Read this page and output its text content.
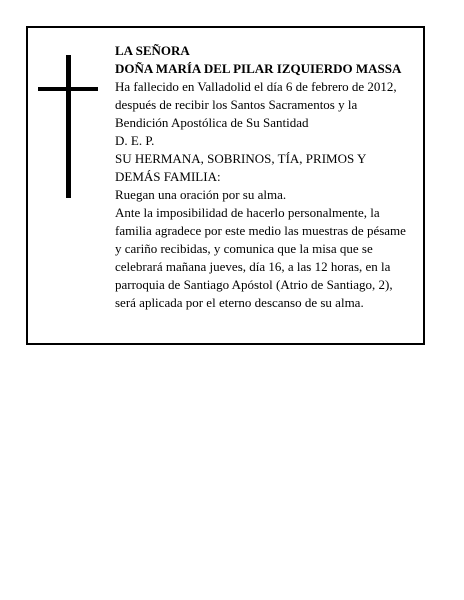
LA SEÑORA
DOÑA MARÍA DEL PILAR IZQUIERDO MASSA
Ha fallecido en Valladolid el día 6 de febrero de 2012,
después de recibir los Santos Sacramentos y la
Bendición Apostólica de Su Santidad
D. E. P.
SU HERMANA, SOBRINOS, TÍA, PRIMOS Y
DEMÁS FAMILIA:
Ruegan una oración por su alma.
Ante la imposibilidad de hacerlo personalmente, la
familia agradece por este medio las muestras de pésame
y cariño recibidas, y comunica que la misa que se
celebrará mañana jueves, día 16, a las 12 horas, en la
parroquia de Santiago Apóstol (Atrio de Santiago, 2),
será aplicada por el eterno descanso de su alma.
